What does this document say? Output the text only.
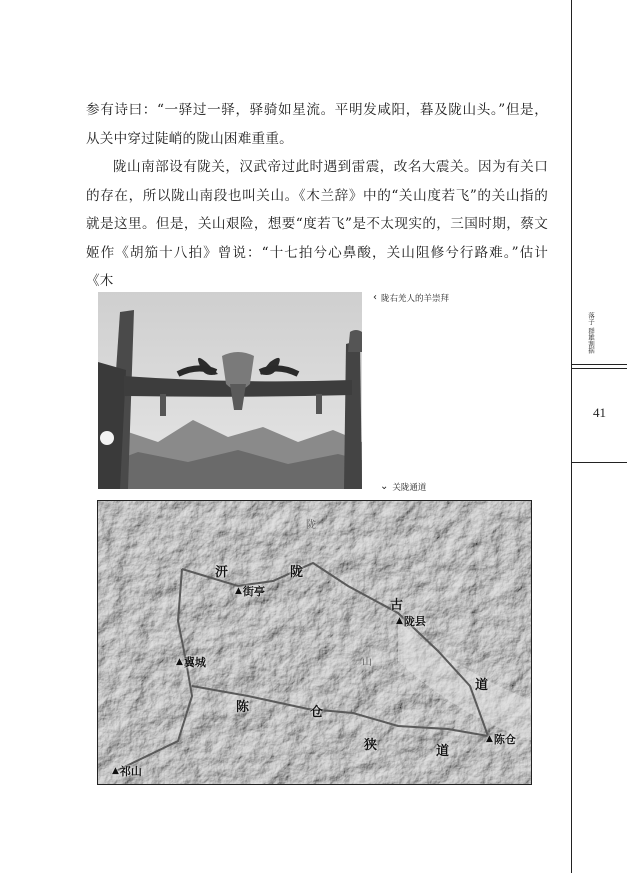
参有诗曰：“一驿过一驿，驿骑如星流。平明发咸阳，暮及陇山头。”但是，从关中穿过陡峭的陇山困难重重。

陇山南部设有陇关，汉武帝过此时遇到雷震，改名大震关。因为有关口的存在，所以陇山南段也叫关山。《木兰辞》中的“关山度若飞”的关山指的就是这里。但是，关山艰险，想要“度若飞”是不太现实的，三国时期，蔡文姬作《胡笳十八拍》曾说：“十七拍兮心鼻酸，关山阻修兮行路难。”估计《木

落子 群雄割据
41
‹ 陇右羌人的羊崇拜
⌄ 关陇通道
汧	陇
古
道
陈	仓
狭	道
陇
山
▲ 街亭
▲ 陇县
▲ 冀城
▲ 陈仓
▲ 祁山
